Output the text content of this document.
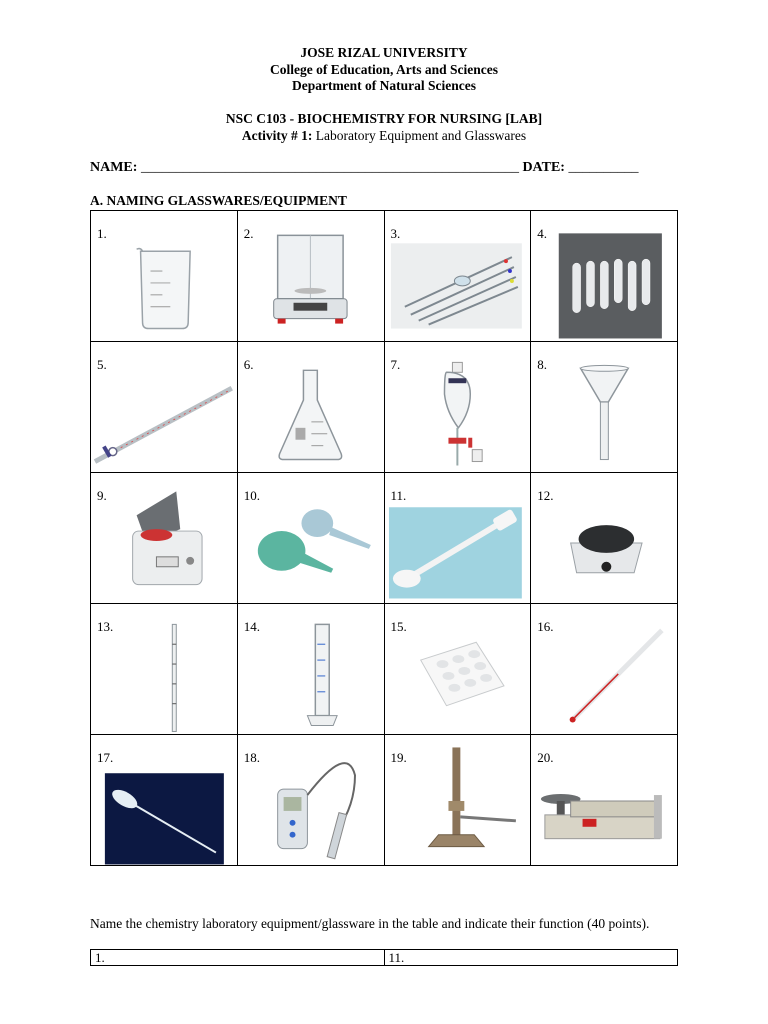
JOSE RIZAL UNIVERSITY
College of Education, Arts and Sciences
Department of Natural Sciences
NSC C103 - BIOCHEMISTRY FOR NURSING [LAB]
Activity # 1: Laboratory Equipment and Glasswares
NAME: ______________________________________________________ DATE: __________
A. NAMING GLASSWARES/EQUIPMENT
1.	2.	3.	4.

5.	6.	7.	8.

9.	10.	11.	12.

13.	14.	15.	16.

17.	18.	19.	20.
Name the chemistry laboratory equipment/glassware in the table and indicate their function (40 points).
1.	11.
